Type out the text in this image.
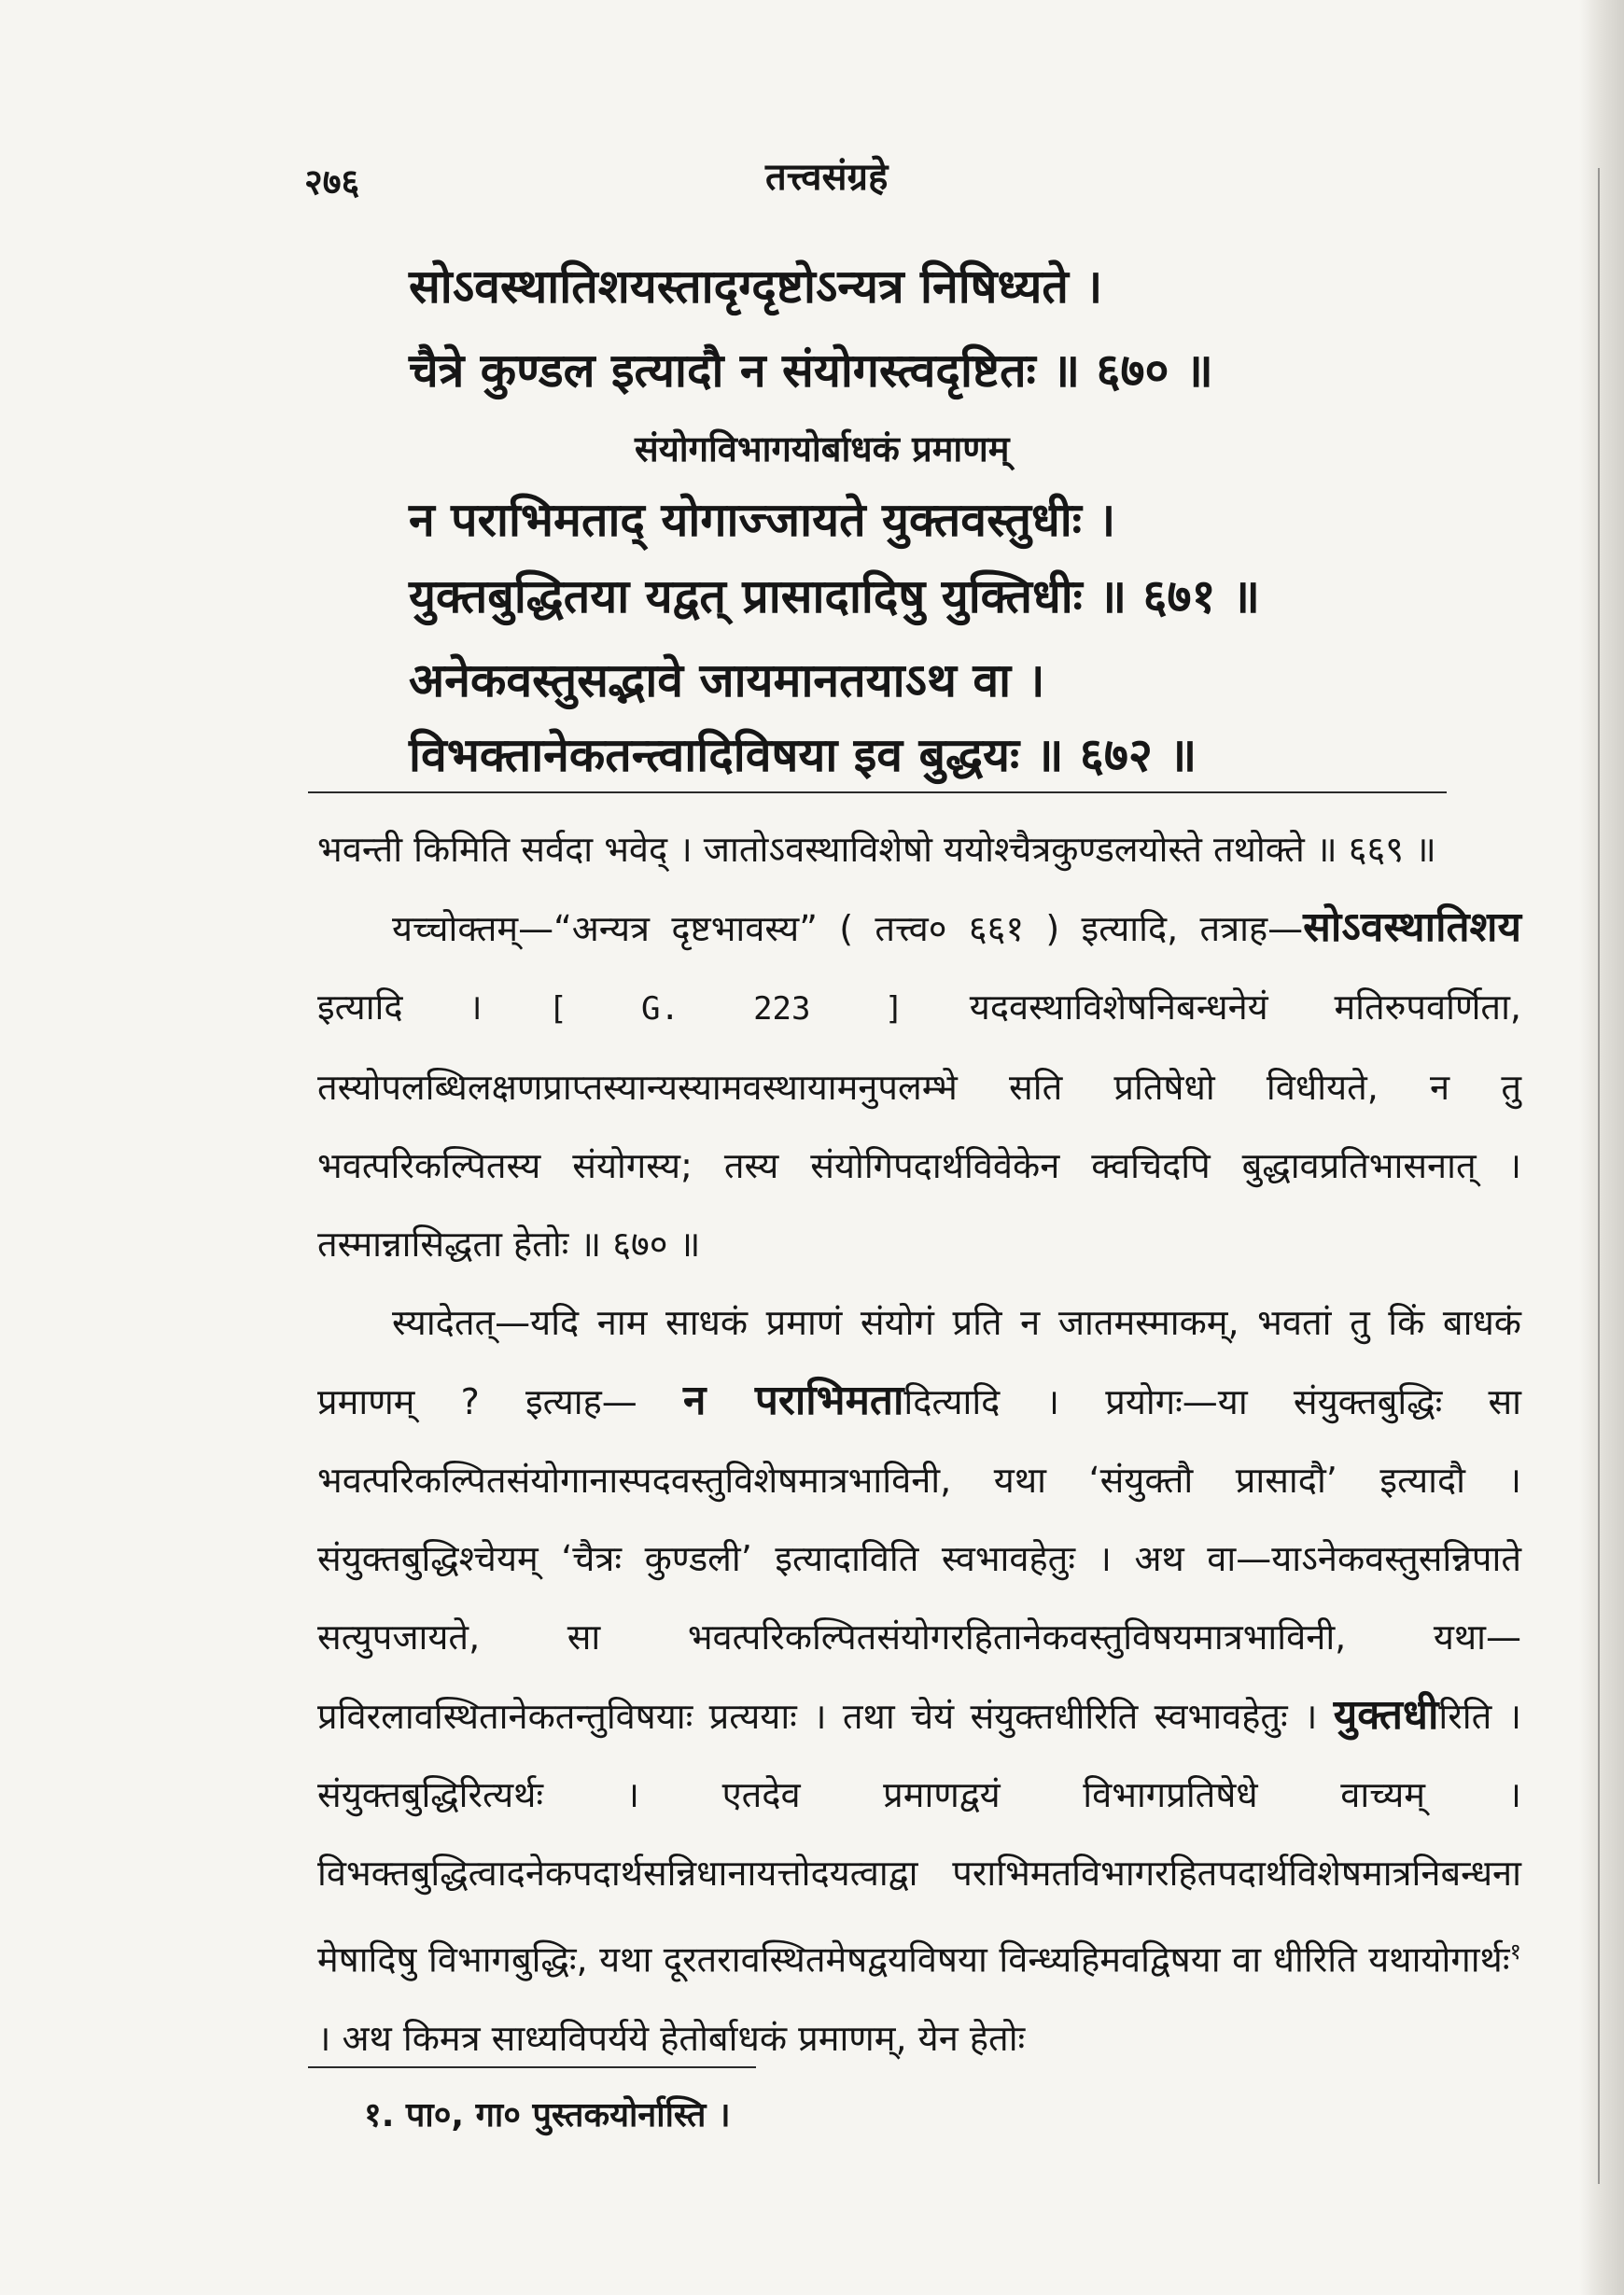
२७६	तत्त्वसंग्रहे
सोऽवस्थातिशयस्तादृग्दृष्टोऽन्यत्र निषिध्यते ।
चैत्रे कुण्डल इत्यादौ न संयोगस्त्वदृष्टितः ॥ ६७० ॥
संयोगविभागयोर्बाधकं प्रमाणम्
न पराभिमताद् योगाज्जायते युक्तवस्तुधीः ।
युक्तबुद्धितया यद्वत् प्रासादादिषु युक्तिधीः ॥ ६७१ ॥
अनेकवस्तुसद्भावे जायमानतयाऽथ वा ।
विभक्तानेकतन्त्वादिविषया इव बुद्धयः ॥ ६७२ ॥

भवन्ती किमिति सर्वदा भवेद् । जातोऽवस्थाविशेषो ययोश्चैत्रकुण्डलयोस्ते तथोक्ते ॥ ६६९ ॥

यच्चोक्तम्—“अन्यत्र दृष्टभावस्य” ( तत्त्व० ६६१ ) इत्यादि, तत्राह—सोऽवस्थातिशय इत्यादि । [ G. 223 ] यदवस्थाविशेषनिबन्धनेयं मतिरुपवर्णिता, तस्योपलब्धिलक्षणप्राप्तस्यान्यस्यामवस्थायामनुपलम्भे सति प्रतिषेधो विधीयते, न तु भवत्परिकल्पितस्य संयोगस्य; तस्य संयोगिपदार्थविवेकेन क्वचिदपि बुद्धावप्रतिभासनात् । तस्मान्नासिद्धता हेतोः ॥ ६७० ॥

स्यादेतत्—यदि नाम साधकं प्रमाणं संयोगं प्रति न जातमस्माकम्, भवतां तु किं बाधकं प्रमाणम् ? इत्याह— न पराभिमतादित्यादि । प्रयोगः—या संयुक्तबुद्धिः सा भवत्परिकल्पितसंयोगानास्पदवस्तुविशेषमात्रभाविनी, यथा ‘संयुक्तौ प्रासादौ’ इत्यादौ । संयुक्तबुद्धिश्चेयम् ‘चैत्रः कुण्डली’ इत्यादाविति स्वभावहेतुः । अथ वा—याऽनेकवस्तुसन्निपाते सत्युपजायते, सा भवत्परिकल्पितसंयोगरहितानेकवस्तुविषयमात्रभाविनी, यथा—प्रविरलावस्थितानेकतन्तुविषयाः प्रत्ययाः । तथा चेयं संयुक्तधीरिति स्वभावहेतुः । युक्तधीरिति । संयुक्तबुद्धिरित्यर्थः । एतदेव प्रमाणद्वयं विभागप्रतिषेधे वाच्यम् । विभक्तबुद्धित्वादनेकपदार्थसन्निधानायत्तोदयत्वाद्वा पराभिमतविभागरहितपदार्थविशेषमात्रनिबन्धना मेषादिषु विभागबुद्धिः, यथा दूरतरावस्थितमेषद्वयविषया विन्ध्यहिमवद्विषया वा धीरिति यथायोगार्थः$^१$ । अथ किमत्र साध्यविपर्यये हेतोर्बाधकं प्रमाणम्, येन हेतोः

१. पा०, गा० पुस्तकयोर्नास्ति ।
